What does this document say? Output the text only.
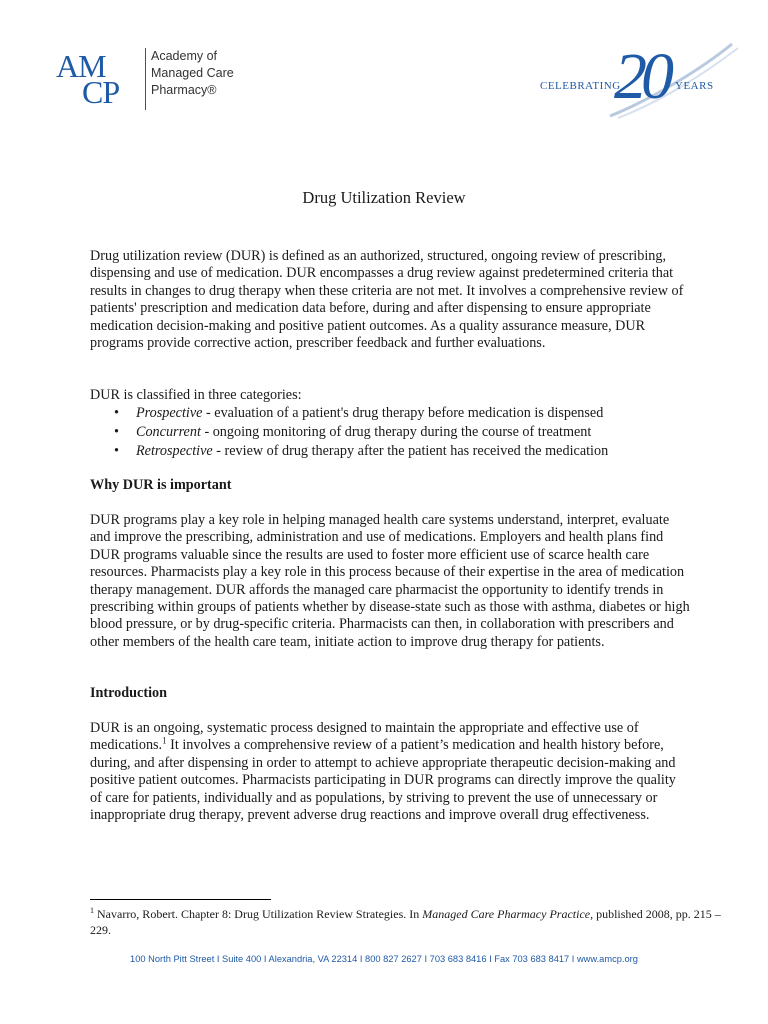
AM
CP
Academy of
Managed Care
Pharmacy®	CELEBRATING
20 YEARS
Drug Utilization Review
Drug utilization review (DUR) is defined as an authorized, structured, ongoing review of prescribing, dispensing and use of medication. DUR encompasses a drug review against predetermined criteria that results in changes to drug therapy when these criteria are not met. It involves a comprehensive review of patients' prescription and medication data before, during and after dispensing to ensure appropriate medication decision-making and positive patient outcomes. As a quality assurance measure, DUR programs provide corrective action, prescriber feedback and further evaluations.
DUR is classified in three categories:
• Prospective - evaluation of a patient's drug therapy before medication is dispensed
• Concurrent - ongoing monitoring of drug therapy during the course of treatment
• Retrospective - review of drug therapy after the patient has received the medication
Why DUR is important
DUR programs play a key role in helping managed health care systems understand, interpret, evaluate and improve the prescribing, administration and use of medications. Employers and health plans find DUR programs valuable since the results are used to foster more efficient use of scarce health care resources. Pharmacists play a key role in this process because of their expertise in the area of medication therapy management. DUR affords the managed care pharmacist the opportunity to identify trends in prescribing within groups of patients whether by disease-state such as those with asthma, diabetes or high blood pressure, or by drug-specific criteria. Pharmacists can then, in collaboration with prescribers and other members of the health care team, initiate action to improve drug therapy for patients.
Introduction
DUR is an ongoing, systematic process designed to maintain the appropriate and effective use of medications.$^1$ It involves a comprehensive review of a patient’s medication and health history before, during, and after dispensing in order to attempt to achieve appropriate therapeutic decision-making and positive patient outcomes. Pharmacists participating in DUR programs can directly improve the quality of care for patients, individually and as populations, by striving to prevent the use of unnecessary or inappropriate drug therapy, prevent adverse drug reactions and improve overall drug effectiveness.
$^1$ Navarro, Robert. Chapter 8: Drug Utilization Review Strategies. In Managed Care Pharmacy Practice, published 2008, pp. 215 – 229.
100 North Pitt Street I Suite 400 I Alexandria, VA 22314 I 800 827 2627 I 703 683 8416 I Fax 703 683 8417 I www.amcp.org
